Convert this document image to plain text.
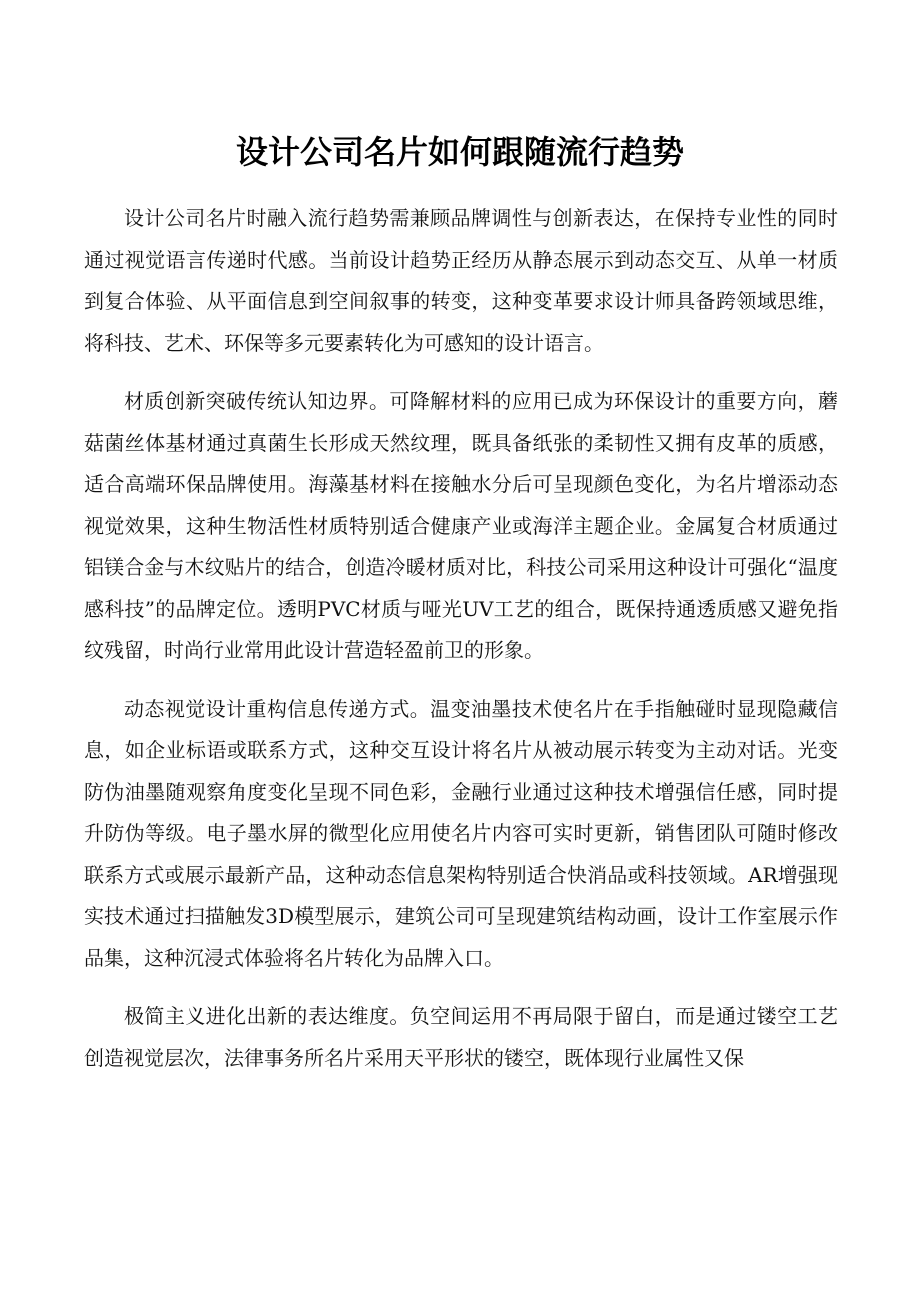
设计公司名片如何跟随流行趋势

设计公司名片时融入流行趋势需兼顾品牌调性与创新表达，在保持专业性的同时通过视觉语言传递时代感。当前设计趋势正经历从静态展示到动态交互、从单一材质到复合体验、从平面信息到空间叙事的转变，这种变革要求设计师具备跨领域思维，将科技、艺术、环保等多元要素转化为可感知的设计语言。

材质创新突破传统认知边界。可降解材料的应用已成为环保设计的重要方向，蘑菇菌丝体基材通过真菌生长形成天然纹理，既具备纸张的柔韧性又拥有皮革的质感，适合高端环保品牌使用。海藻基材料在接触水分后可呈现颜色变化，为名片增添动态视觉效果，这种生物活性材质特别适合健康产业或海洋主题企业。金属复合材质通过铝镁合金与木纹贴片的结合，创造冷暖材质对比，科技公司采用这种设计可强化“温度感科技”的品牌定位。透明PVC材质与哑光UV工艺的组合，既保持通透质感又避免指纹残留，时尚行业常用此设计营造轻盈前卫的形象。

动态视觉设计重构信息传递方式。温变油墨技术使名片在手指触碰时显现隐藏信息，如企业标语或联系方式，这种交互设计将名片从被动展示转变为主动对话。光变防伪油墨随观察角度变化呈现不同色彩，金融行业通过这种技术增强信任感，同时提升防伪等级。电子墨水屏的微型化应用使名片内容可实时更新，销售团队可随时修改联系方式或展示最新产品，这种动态信息架构特别适合快消品或科技领域。AR增强现实技术通过扫描触发3D模型展示，建筑公司可呈现建筑结构动画，设计工作室展示作品集，这种沉浸式体验将名片转化为品牌入口。

极简主义进化出新的表达维度。负空间运用不再局限于留白，而是通过镂空工艺创造视觉层次，法律事务所名片采用天平形状的镂空，既体现行业属性又保
